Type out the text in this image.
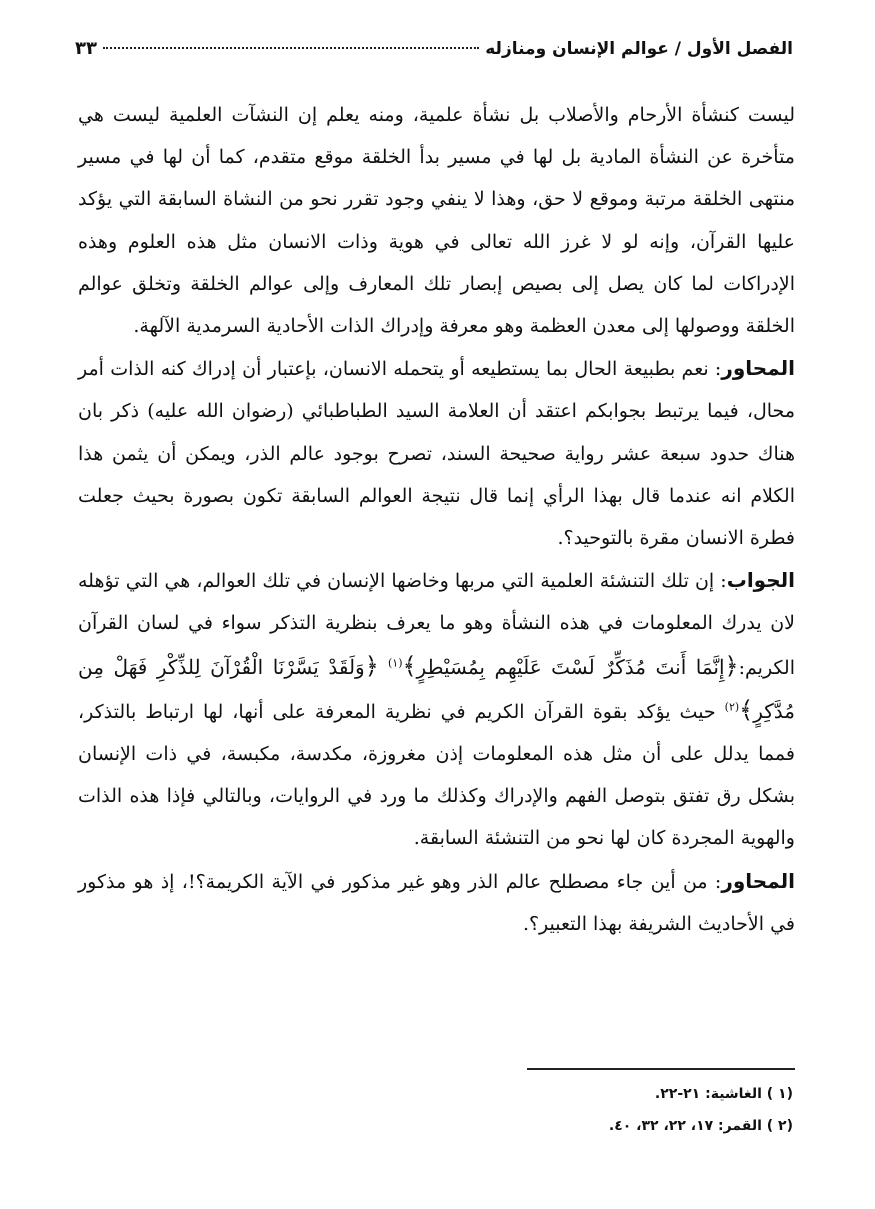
الفصل الأول / عوالم الإنسان ومنازله
٣٣

ليست كنشأة الأرحام والأصلاب بل نشأة علمية، ومنه يعلم إن النشآت العلمية ليست هي متأخرة عن النشأة المادية بل لها في مسير بدأ الخلقة موقع متقدم، كما أن لها في مسير منتهى الخلقة مرتبة وموقع لا حق، وهذا لا ينفي وجود تقرر نحو من النشاة السابقة التي يؤكد عليها القرآن، وإنه لو لا غرز الله تعالى في هوية وذات الانسان مثل هذه العلوم وهذه الإدراكات لما كان يصل إلى بصيص إبصار تلك المعارف وإلى عوالم الخلقة وتخلق عوالم الخلقة ووصولها إلى معدن العظمة وهو معرفة وإدراك الذات الأحادية السرمدية الآلهة.

المحاور: نعم بطبيعة الحال بما يستطيعه أو يتحمله الانسان، بإعتبار أن إدراك كنه الذات أمر محال، فيما يرتبط بجوابكم اعتقد أن العلامة السيد الطباطبائي (رضوان الله عليه) ذكر بان هناك حدود سبعة عشر رواية صحيحة السند، تصرح بوجود عالم الذر، ويمكن أن يثمن هذا الكلام انه عندما قال بهذا الرأي إنما قال نتيجة العوالم السابقة تكون بصورة بحيث جعلت فطرة الانسان مقرة بالتوحيد؟.

الجواب: إن تلك التنشئة العلمية التي مربها وخاضها الإنسان في تلك العوالم، هي التي تؤهله لان يدرك المعلومات في هذه النشأة وهو ما يعرف بنظرية التذكر سواء في لسان القرآن الكريم:﴿إِنَّمَا أَنتَ مُذَكِّرٌ لَسْتَ عَلَيْهِم بِمُسَيْطِرٍ﴾$^{(١)}$ ﴿وَلَقَدْ يَسَّرْنَا الْقُرْآنَ لِلذِّكْرِ فَهَلْ مِن مُدَّكِرٍ﴾$^{(٢)}$ حيث يؤكد بقوة القرآن الكريم في نظرية المعرفة على أنها، لها ارتباط بالتذكر، فمما يدلل على أن مثل هذه المعلومات إذن مغروزة، مكدسة، مكبسة، في ذات الإنسان بشكل رق تفتق بتوصل الفهم والإدراك وكذلك ما ورد في الروايات، وبالتالي فإذا هذه الذات والهوية المجردة كان لها نحو من التنشئة السابقة.

المحاور: من أين جاء مصطلح عالم الذر وهو غير مذكور في الآية الكريمة؟!، إذ هو مذكور في الأحاديث الشريفة بهذا التعبير؟.

(١ ) الغاشية: ٢١-٢٢.
(٢ ) القمر: ١٧، ٢٢، ٣٢، ٤٠.
